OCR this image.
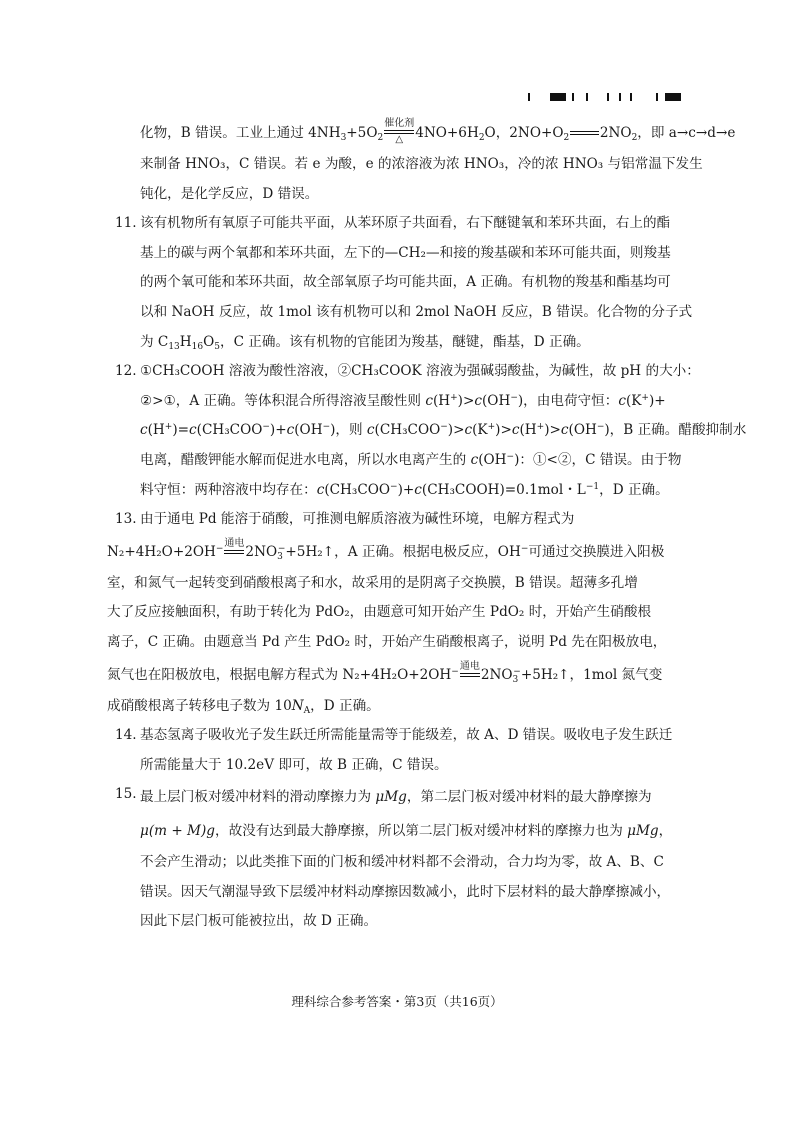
化物，B 错误。工业上通过 $4NH_3+5O_2$
催化剂
△ $4NO+6H_2O$，$2NO+O_2$
$2NO_2$，即 a→c→d→e
来制备 HNO₃，C 错误。若 e 为酸，e 的浓溶液为浓 HNO₃，冷的浓 HNO₃ 与铝常温下发生
钝化，是化学反应，D 错误。
11. 该有机物所有氧原子可能共平面，从苯环原子共面看，右下醚键氧和苯环共面，右上的酯
基上的碳与两个氧都和苯环共面，左下的—CH₂—和接的羧基碳和苯环可能共面，则羧基
的两个氧可能和苯环共面，故全部氧原子均可能共面，A 正确。有机物的羧基和酯基均可
以和 NaOH 反应，故 1mol 该有机物可以和 2mol NaOH 反应，B 错误。化合物的分子式
为 $C_{13}H_{16}O_5$，C 正确。该有机物的官能团为羧基，醚键，酯基，D 正确。
12. ①CH₃COOH 溶液为酸性溶液，②CH₃COOK 溶液为强碱弱酸盐，为碱性，故 pH 的大小：
②>①，A 正确。等体积混合所得溶液呈酸性则 c(H+)>c(OH−)，由电荷守恒：c(K+)+
c(H+)=c(CH₃COO−)+c(OH−)，则 c(CH₃COO−)>c(K+)>c(H+)>c(OH−)，B 正确。醋酸抑制水
电离，醋酸钾能水解而促进水电离，所以水电离产生的 c(OH−)：①<②，C 错误。由于物
料守恒：两种溶液中均存在：c(CH₃COO−)+c(CH₃COOH)=0.1mol・$L^{-1}$，D 正确。
13. 由于通电 Pd 能溶于硝酸，可推测电解质溶液为碱性环境，电解方程式为
N₂+4H₂O+2OH− 通电
$2NO_3^-+5H_2↑$，A 正确。根据电极反应，OH−可通过交换膜进入阳极
室，和氮气一起转变到硝酸根离子和水，故采用的是阴离子交换膜，B 错误。超薄多孔增
大了反应接触面积，有助于转化为 PdO₂，由题意可知开始产生 PdO₂ 时，开始产生硝酸根
离子，C 正确。由题意当 Pd 产生 PdO₂ 时，开始产生硝酸根离子，说明 Pd 先在阳极放电，
氮气也在阳极放电，根据电解方程式为 N₂+4H₂O+2OH− 通电
$2NO_3^-+5H_2↑$，1mol 氮气变
成硝酸根离子转移电子数为 $10N_A$，D 正确。
14. 基态氢离子吸收光子发生跃迁所需能量需等于能级差，故 A、D 错误。吸收电子发生跃迁
所需能量大于 10.2eV 即可，故 B 正确，C 错误。
15. 最上层门板对缓冲材料的滑动摩擦力为 μMg，第二层门板对缓冲材料的最大静摩擦为
μ(m + M)g，故没有达到最大静摩擦，所以第二层门板对缓冲材料的摩擦力也为 μMg，
不会产生滑动；以此类推下面的门板和缓冲材料都不会滑动，合力均为零，故 A、B、C
错误。因天气潮湿导致下层缓冲材料动摩擦因数减小，此时下层材料的最大静摩擦减小，
因此下层门板可能被拉出，故 D 正确。
理科综合参考答案・第3页（共16页）
